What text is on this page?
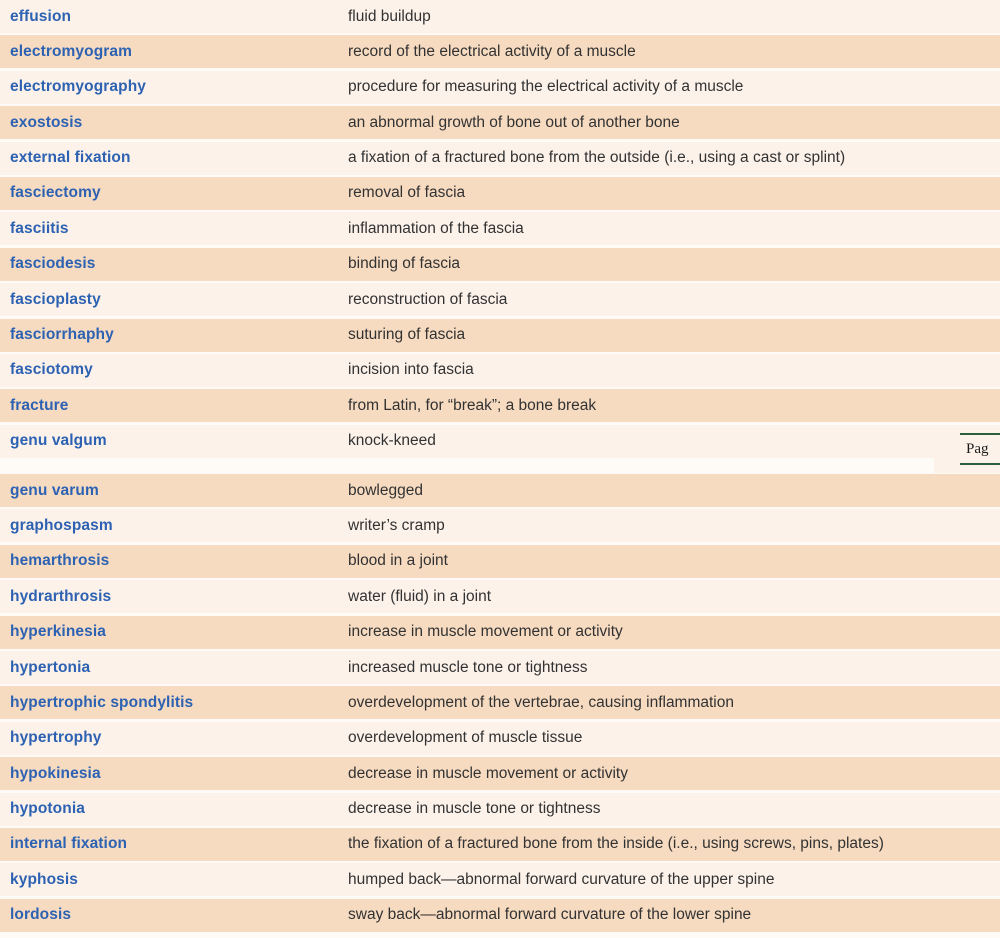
effusion	fluid buildup
electromyogram	record of the electrical activity of a muscle
electromyography	procedure for measuring the electrical activity of a muscle
exostosis	an abnormal growth of bone out of another bone
external fixation	a fixation of a fractured bone from the outside (i.e., using a cast or splint)
fasciectomy	removal of fascia
fasciitis	inflammation of the fascia
fasciodesis	binding of fascia
fascioplasty	reconstruction of fascia
fasciorrhaphy	suturing of fascia
fasciotomy	incision into fascia
fracture	from Latin, for “break”; a bone break
genu valgum	knock-kneed
genu varum	bowlegged
graphospasm	writer’s cramp
hemarthrosis	blood in a joint
hydrarthrosis	water (fluid) in a joint
hyperkinesia	increase in muscle movement or activity
hypertonia	increased muscle tone or tightness
hypertrophic spondylitis	overdevelopment of the vertebrae, causing inflammation
hypertrophy	overdevelopment of muscle tissue
hypokinesia	decrease in muscle movement or activity
hypotonia	decrease in muscle tone or tightness
internal fixation	the fixation of a fractured bone from the inside (i.e., using screws, pins, plates)
kyphosis	humped back—abnormal forward curvature of the upper spine
lordosis	sway back—abnormal forward curvature of the lower spine
Pag
